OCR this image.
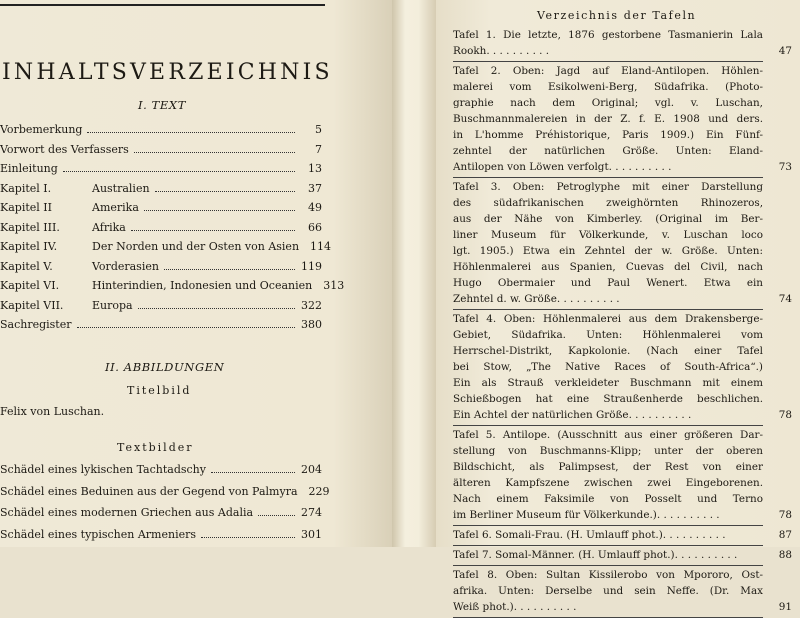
INHALTSVERZEICHNIS
I. TEXT
Vorbemerkung	5
Vorwort des Verfassers	7
Einleitung	13
Kapitel I.	Australien	37
Kapitel II	Amerika	49
Kapitel III.	Afrika	66
Kapitel IV.	Der Norden und der Osten von Asien 114
Kapitel V.	Vorderasien	119
Kapitel VI.	Hinterindien, Indonesien und Oceanien 313
Kapitel VII.	Europa	322
Sachregister	380
II. ABBILDUNGEN
Titelbild
Felix von Luschan.
Textbilder
Schädel eines lykischen Tachtadschy	204
Schädel eines Beduinen aus der Gegend von Palmyra 229
Schädel eines modernen Griechen aus Adalia	274
Schädel eines typischen Armeniers	301
Verzeichnis der Tafeln
Tafel 1. Die letzte, 1876 gestorbene Tasmanierin Lala
Rookh. . . . . . . . . .	47
Tafel 2. Oben: Jagd auf Eland-Antilopen. Höhlen-
malerei vom Esikolweni-Berg, Südafrika. (Photo-
graphie nach dem Original; vgl. v. Luschan,
Buschmannmalereien in der Z. f. E. 1908 und ders.
in L'homme Préhistorique, Paris 1909.) Ein Fünf-
zehntel der natürlichen Größe. Unten: Eland-
Antilopen von Löwen verfolgt. . . . . . . . . .	73
Tafel 3. Oben: Petroglyphe mit einer Darstellung
des südafrikanischen zweighörnten Rhinozeros,
aus der Nähe von Kimberley. (Original im Ber-
liner Museum für Völkerkunde, v. Luschan loco
lgt. 1905.) Etwa ein Zehntel der w. Größe. Unten:
Höhlenmalerei aus Spanien, Cuevas del Civil, nach
Hugo Obermaier und Paul Wenert. Etwa ein
Zehntel d. w. Größe. . . . . . . . . .	74
Tafel 4. Oben: Höhlenmalerei aus dem Drakensberge-
Gebiet, Südafrika. Unten: Höhlenmalerei vom
Herrschel-Distrikt, Kapkolonie. (Nach einer Tafel
bei Stow, „The Native Races of South-Africa“.)
Ein als Strauß verkleideter Buschmann mit einem
Schießbogen hat eine Straußenherde beschlichen.
Ein Achtel der natürlichen Größe. . . . . . . . . .	78
Tafel 5. Antilope. (Ausschnitt aus einer größeren Dar-
stellung von Buschmanns-Klipp; unter der oberen
Bildschicht, als Palimpsest, der Rest von einer
älteren Kampfszene zwischen zwei Eingeborenen.
Nach einem Faksimile von Posselt und Terno
im Berliner Museum für Völkerkunde.). . . . . . . . . .	78
Tafel 6. Somali-Frau. (H. Umlauff phot.). . . . . . . . . .	87
Tafel 7. Somal-Männer. (H. Umlauff phot.). . . . . . . . . .	88
Tafel 8. Oben: Sultan Kissilerobo von Mpororo, Ost-
afrika. Unten: Derselbe und sein Neffe. (Dr. Max
Weiß phot.). . . . . . . . . .	91
